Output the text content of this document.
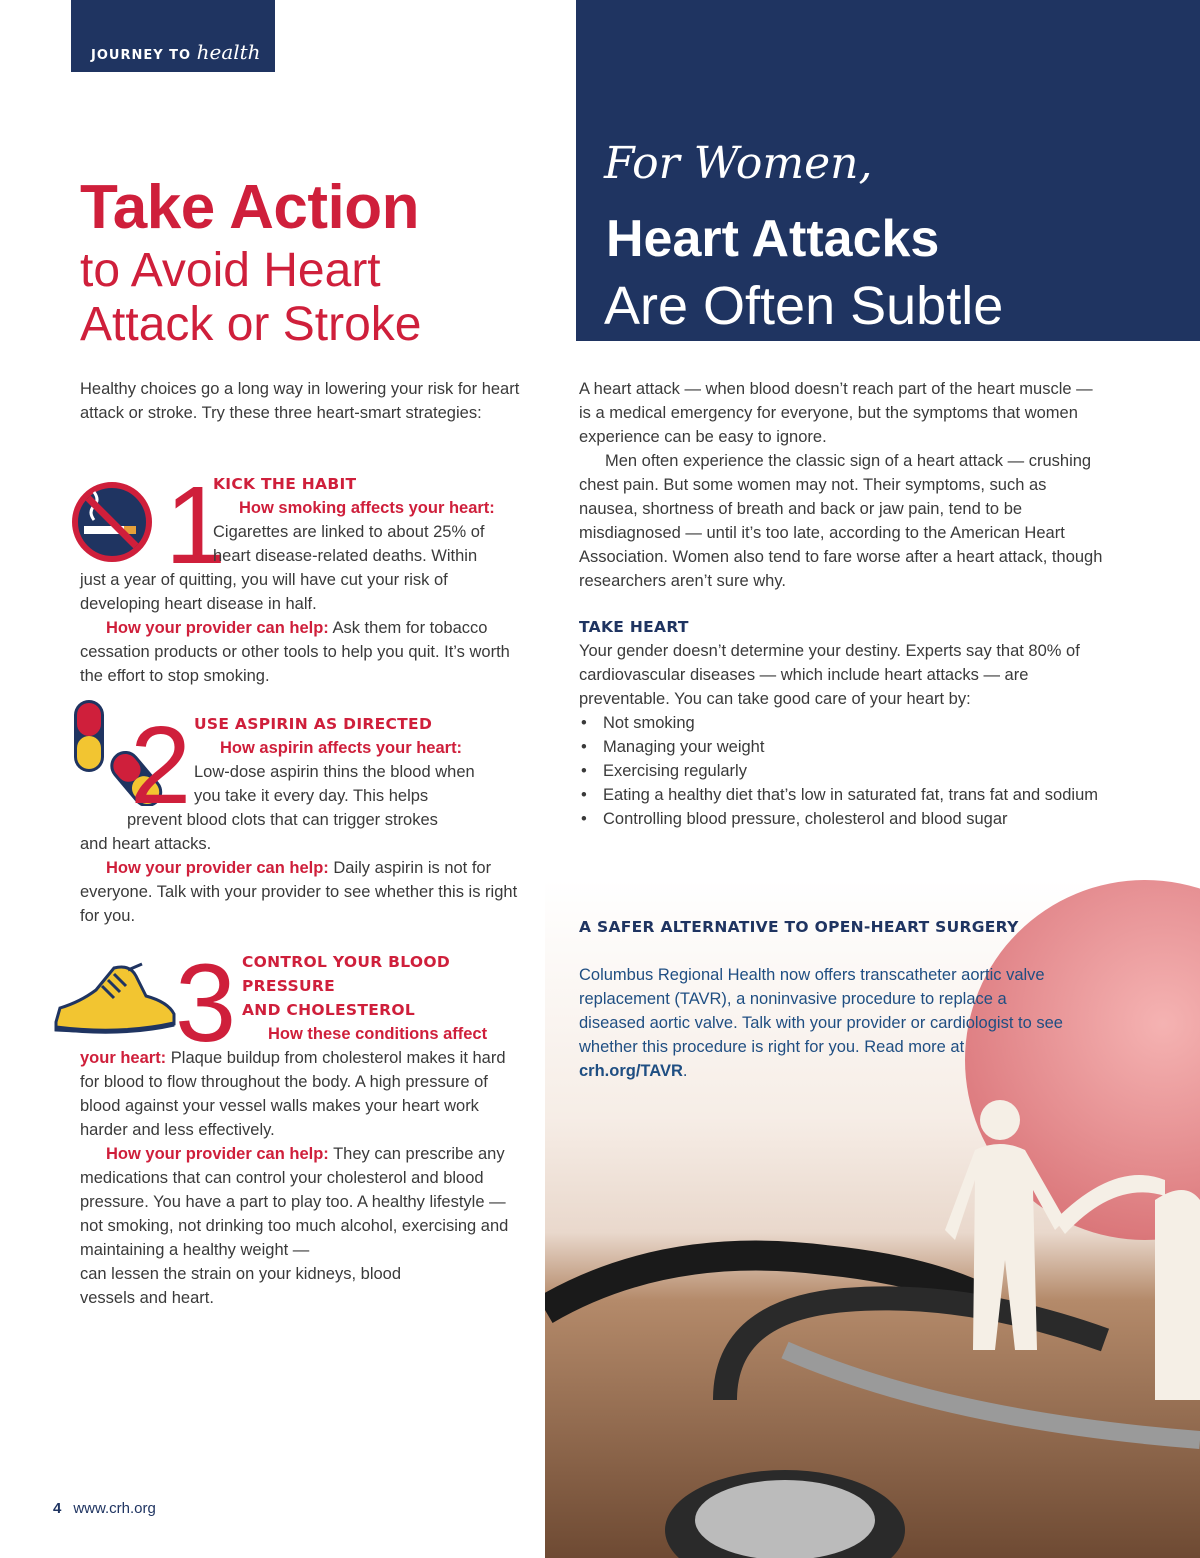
JOURNEY TO health
Take Action
to Avoid Heart
Attack or Stroke
Healthy choices go a long way in lowering your risk for heart attack or stroke. Try these three heart-smart strategies:
1
KICK THE HABIT

How smoking affects your heart:
Cigarettes are linked to about 25% of
heart disease-related deaths. Within

just a year of quitting, you will have cut your risk of developing heart disease in half.

How your provider can help: Ask them for tobacco cessation products or other tools to help you quit. It’s worth the effort to stop smoking.

2 USE ASPIRIN AS DIRECTED

How aspirin affects your heart:
Low-dose aspirin thins the blood when
you take it every day. This helps

prevent blood clots that can trigger strokes

and heart attacks.

How your provider can help: Daily aspirin is not for everyone. Talk with your provider to see whether this is right for you.

3 CONTROL YOUR BLOOD
PRESSURE
AND CHOLESTEROL

How these conditions affect
your heart: Plaque buildup from cholesterol makes it hard for blood to flow throughout the body. A high pressure of blood against your vessel walls makes your heart work harder and less effectively.

How your provider can help: They can prescribe any medications that can control your cholesterol and blood pressure. You have a part to play too. A healthy lifestyle — not smoking, not drinking too much alcohol, exercising and maintaining a healthy weight —
can lessen the strain on your kidneys, blood
vessels and heart.

For Women,
Heart Attacks
Are Often Subtle
A heart attack — when blood doesn’t reach part of the heart muscle — is a medical emergency for everyone, but the symptoms that women experience can be easy to ignore.
Men often experience the classic sign of a heart attack — crushing chest pain. But some women may not. Their symptoms, such as nausea, shortness of breath and back or jaw pain, tend to be misdiagnosed — until it’s too late, according to the American Heart Association. Women also tend to fare worse after a heart attack, though researchers aren’t sure why.
TAKE HEART
Your gender doesn’t determine your destiny. Experts say that 80% of cardiovascular diseases — which include heart attacks — are preventable. You can take good care of your heart by:
• Not smoking
• Managing your weight
• Exercising regularly
• Eating a healthy diet that’s low in saturated fat, trans fat and sodium
• Controlling blood pressure, cholesterol and blood sugar
A SAFER ALTERNATIVE TO OPEN-HEART SURGERY
Columbus Regional Health now offers transcatheter aortic valve replacement (TAVR), a noninvasive procedure to replace a diseased aortic valve. Talk with your provider or cardiologist to see whether this procedure is right for you. Read more at crh.org/TAVR.
4 www.crh.org
